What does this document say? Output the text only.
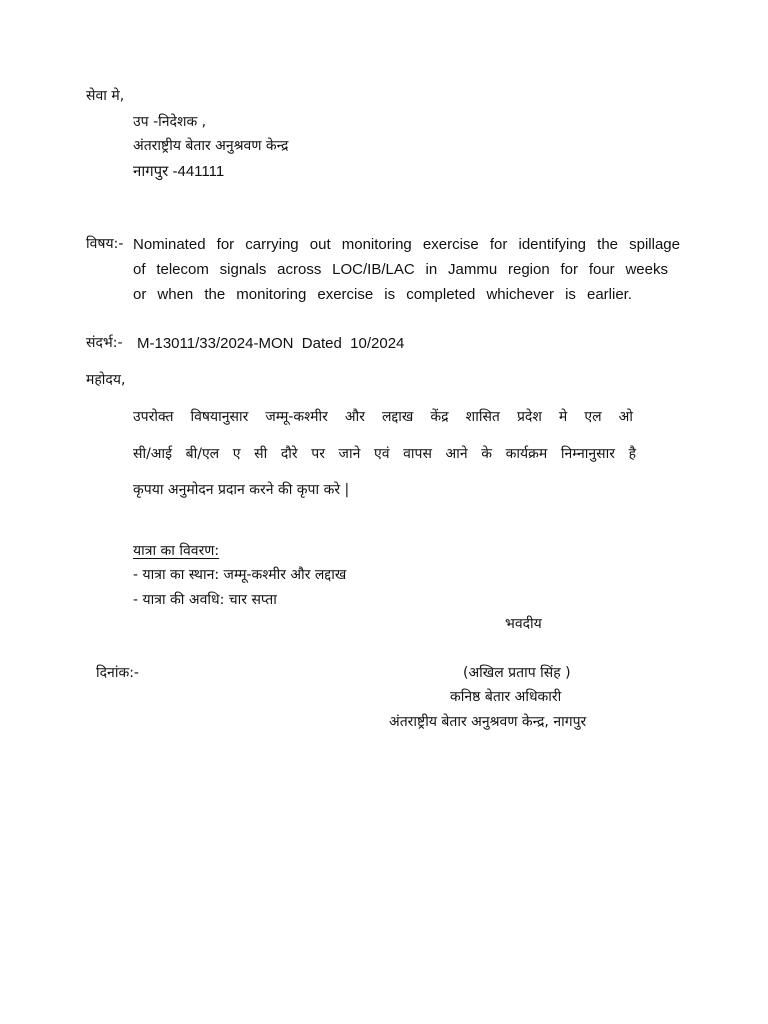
सेवा मे,
उप -निदेशक ,
अंतराष्ट्रीय बेतार अनुश्रवण केन्द्र
नागपुर -441111
विषय:- Nominated for carrying out monitoring exercise for identifying the spillage
of telecom signals across LOC/IB/LAC in Jammu region for four weeks
or when the monitoring exercise is completed whichever is earlier.
संदर्भ:- M-13011/33/2024-MON  Dated  10/2024
महोदय,
उपरोक्त विषयानुसार जम्मू-कश्मीर और लद्दाख केंद्र शासित प्रदेश मे एल ओ
सी/आई बी/एल ए सी दौरे पर जाने एवं वापस आने के कार्यक्रम निम्नानुसार है
कृपया अनुमोदन प्रदान करने की कृपा करे |
यात्रा का विवरण:
- यात्रा का स्थान: जम्मू-कश्मीर और लद्दाख
- यात्रा की अवधि: चार सप्ता
भवदीय
दिनांक:-	(अखिल प्रताप सिंह )
कनिष्ठ बेतार अधिकारी
अंतराष्ट्रीय बेतार अनुश्रवण केन्द्र, नागपुर
